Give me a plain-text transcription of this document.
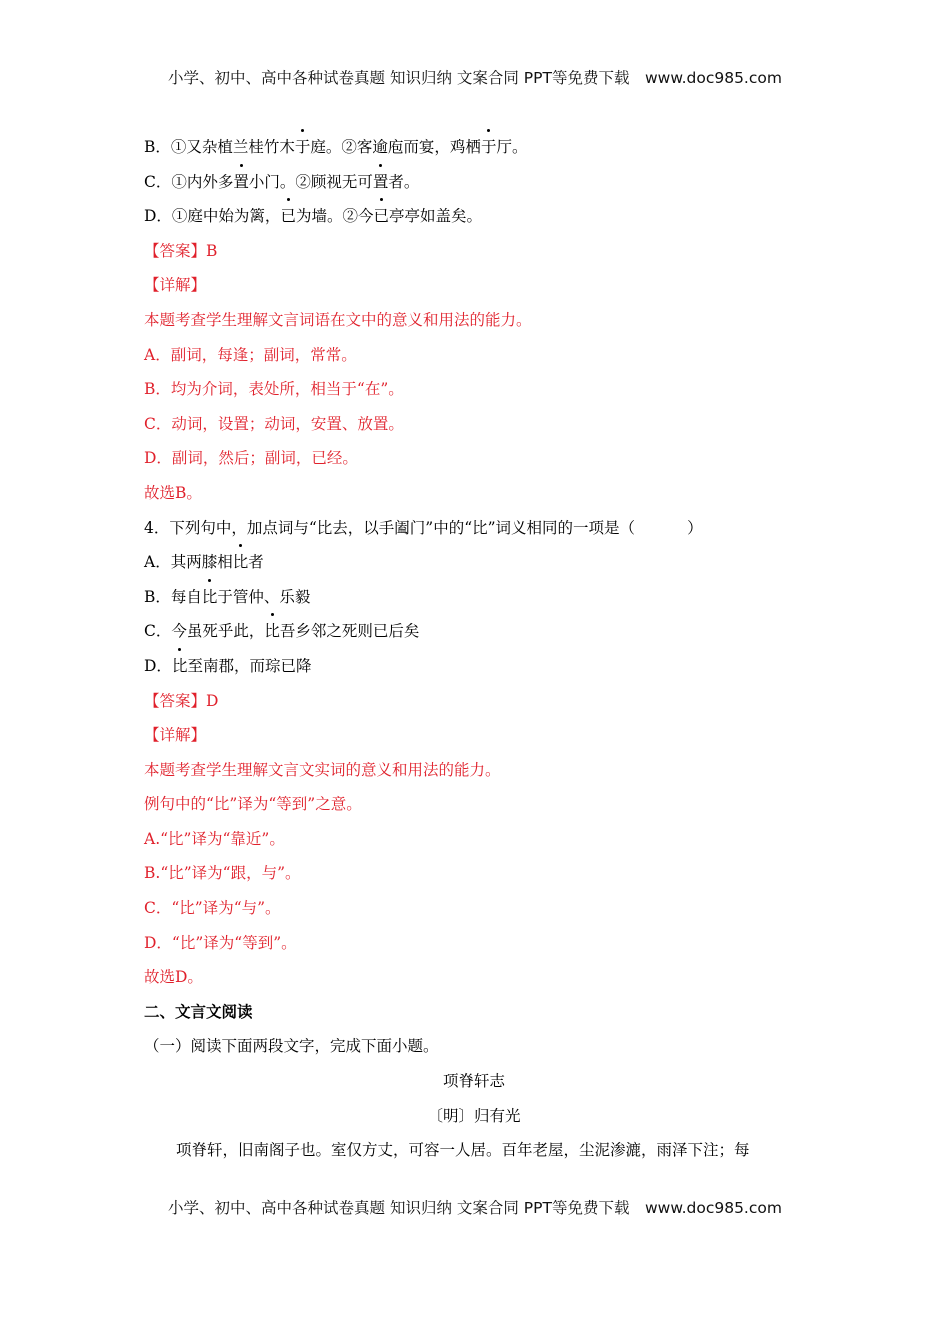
小学、初中、高中各种试卷真题 知识归纳 文案合同 PPT等免费下载　www.doc985.com
B．①又杂植兰桂竹木于庭。②客逾庖而宴，鸡栖于厅。
C．①内外多置小门。②顾视无可置者。
D．①庭中始为篱，已为墙。②今已亭亭如盖矣。
【答案】B
【详解】
本题考查学生理解文言词语在文中的意义和用法的能力。
A．副词，每逢；副词，常常。
B．均为介词，表处所，相当于“在”。
C．动词，设置；动词，安置、放置。
D．副词，然后；副词，已经。
故选B。
4．下列句中，加点词与“比去，以手阖门”中的“比”词义相同的一项是（	）
A．其两膝相比者
B．每自比于管仲、乐毅
C．今虽死乎此，比吾乡邻之死则已后矣
D．比至南郡，而琮已降
【答案】D
【详解】
本题考查学生理解文言文实词的意义和用法的能力。
例句中的“比”译为“等到”之意。
A.“比”译为“靠近”。
B.“比”译为“跟，与”。
C．“比”译为“与”。
D．“比”译为“等到”。
故选D。
二、文言文阅读
（一）阅读下面两段文字，完成下面小题。
项脊轩志
〔明〕归有光
项脊轩，旧南阁子也。室仅方丈，可容一人居。百年老屋，尘泥渗漉，雨泽下注；每
小学、初中、高中各种试卷真题 知识归纳 文案合同 PPT等免费下载　www.doc985.com
